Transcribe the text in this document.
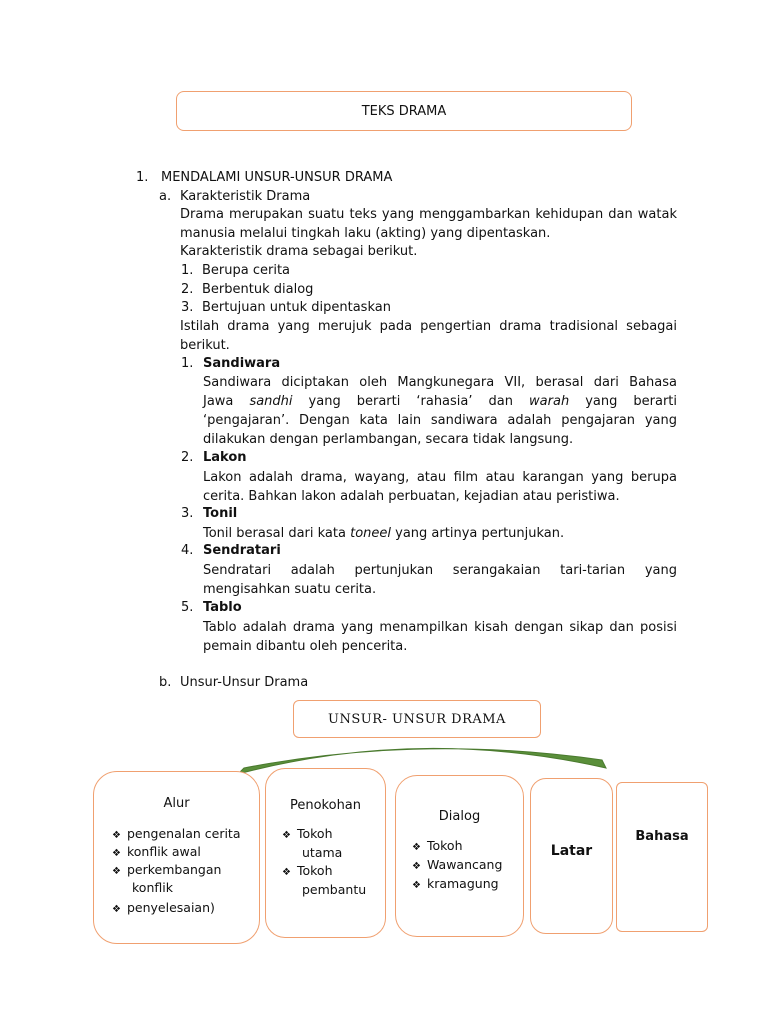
TEKS DRAMA
1. MENDALAMI UNSUR-UNSUR DRAMA
a. Karakteristik Drama
Drama merupakan suatu teks yang menggambarkan kehidupan dan watak
manusia melalui tingkah laku (akting) yang dipentaskan.
Karakteristik drama sebagai berikut.
1. Berupa cerita
2. Berbentuk dialog
3. Bertujuan untuk dipentaskan
Istilah drama yang merujuk pada pengertian drama tradisional sebagai
berikut.
1. Sandiwara
Sandiwara diciptakan oleh Mangkunegara VII, berasal dari Bahasa
Jawa sandhi yang berarti ‘rahasia’ dan warah yang berarti
‘pengajaran’. Dengan kata lain sandiwara adalah pengajaran yang
dilakukan dengan perlambangan, secara tidak langsung.
2. Lakon
Lakon adalah drama, wayang, atau film atau karangan yang berupa
cerita. Bahkan lakon adalah perbuatan, kejadian atau peristiwa.
3. Tonil
Tonil berasal dari kata toneel yang artinya pertunjukan.
4. Sendratari
Sendratari adalah pertunjukan serangakaian tari-tarian yang
mengisahkan suatu cerita.
5. Tablo
Tablo adalah drama yang menampilkan kisah dengan sikap dan posisi
pemain dibantu oleh pencerita.
b. Unsur-Unsur Drama
UNSUR- UNSUR DRAMA
Alur
❖ pengenalan cerita
❖ konflik awal
❖ perkembangan
konflik
❖ penyelesaian)
Penokohan
❖ Tokoh
utama
❖ Tokoh
pembantu
Dialog
❖ Tokoh
❖ Wawancang
❖ kramagung
Latar
Bahasa
